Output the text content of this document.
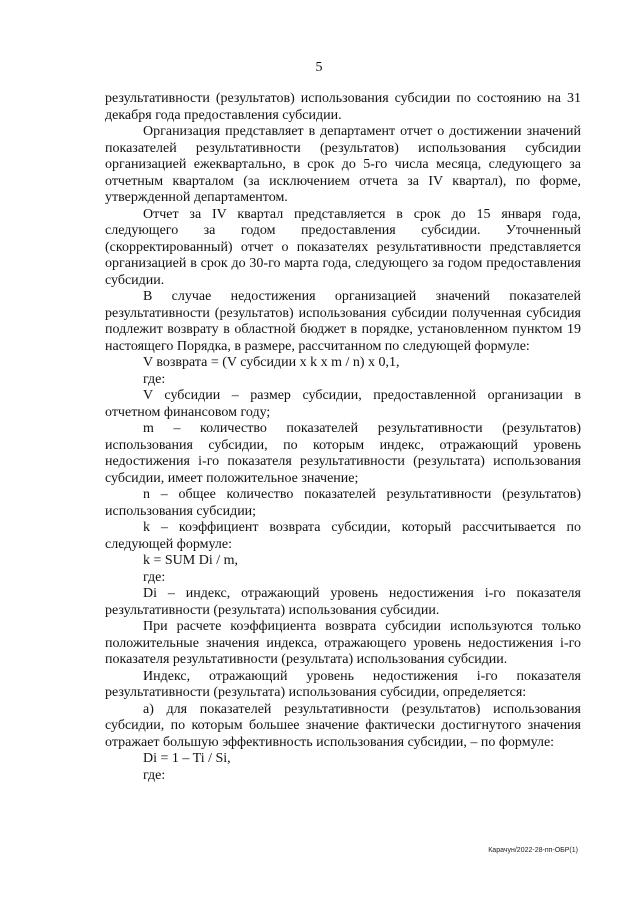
5

результативности (результатов) использования субсидии по состоянию на 31 декабря года предоставления субсидии.

Организация представляет в департамент отчет о достижении значений показателей результативности (результатов) использования субсидии организацией ежеквартально, в срок до 5-го числа месяца, следующего за отчетным кварталом (за исключением отчета за IV квартал), по форме, утвержденной департаментом.

Отчет за IV квартал представляется в срок до 15 января года, следующего за годом предоставления субсидии. Уточненный (скорректированный) отчет о показателях результативности представляется организацией в срок до 30-го марта года, следующего за годом предоставления субсидии.

В случае недостижения организацией значений показателей результативности (результатов) использования субсидии полученная субсидия подлежит возврату в областной бюджет в порядке, установленном пунктом 19 настоящего Порядка, в размере, рассчитанном по следующей формуле:

V возврата = (V субсидии x k x m / n) x 0,1,

где:

V субсидии – размер субсидии, предоставленной организации в отчетном финансовом году;

m – количество показателей результативности (результатов) использования субсидии, по которым индекс, отражающий уровень недостижения i-го показателя результативности (результата) использования субсидии, имеет положительное значение;

n – общее количество показателей результативности (результатов) использования субсидии;

k – коэффициент возврата субсидии, который рассчитывается по следующей формуле:

k = SUM Di / m,

где:

Di – индекс, отражающий уровень недостижения i-го показателя результативности (результата) использования субсидии.

При расчете коэффициента возврата субсидии используются только положительные значения индекса, отражающего уровень недостижения i-го показателя результативности (результата) использования субсидии.

Индекс, отражающий уровень недостижения i-го показателя результативности (результата) использования субсидии, определяется:

а) для показателей результативности (результатов) использования субсидии, по которым большее значение фактически достигнутого значения отражает большую эффективность использования субсидии, – по формуле:

Di = 1 – Ti / Si,

где:

Карачун/2022-28-пп-ОБР(1)
